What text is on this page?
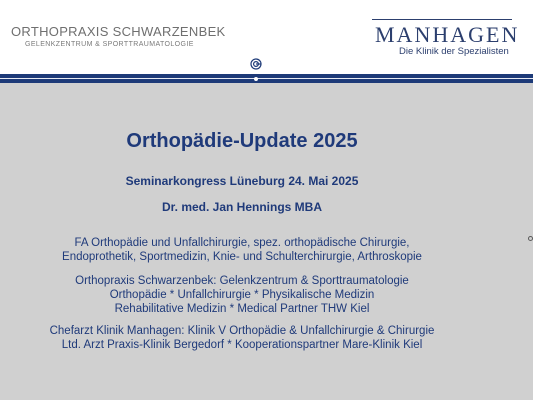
ORTHOPRAXIS SCHWARZENBEK
GELENKZENTRUM & SPORTTRAUMATOLOGIE	MANHAGEN
Die Klinik der Spezialisten
Orthopädie-Update 2025
Seminarkongress Lüneburg 24. Mai 2025
Dr. med. Jan Hennings MBA
FA Orthopädie und Unfallchirurgie, spez. orthopädische Chirurgie,
Endoprothetik, Sportmedizin, Knie- und Schulterchirurgie, Arthroskopie
Orthopraxis Schwarzenbek: Gelenkzentrum & Sporttraumatologie
Orthopädie * Unfallchirurgie * Physikalische Medizin
Rehabilitative Medizin * Medical Partner THW Kiel
Chefarzt Klinik Manhagen: Klinik V Orthopädie & Unfallchirurgie & Chirurgie
Ltd. Arzt Praxis-Klinik Bergedorf * Kooperationspartner Mare-Klinik Kiel
